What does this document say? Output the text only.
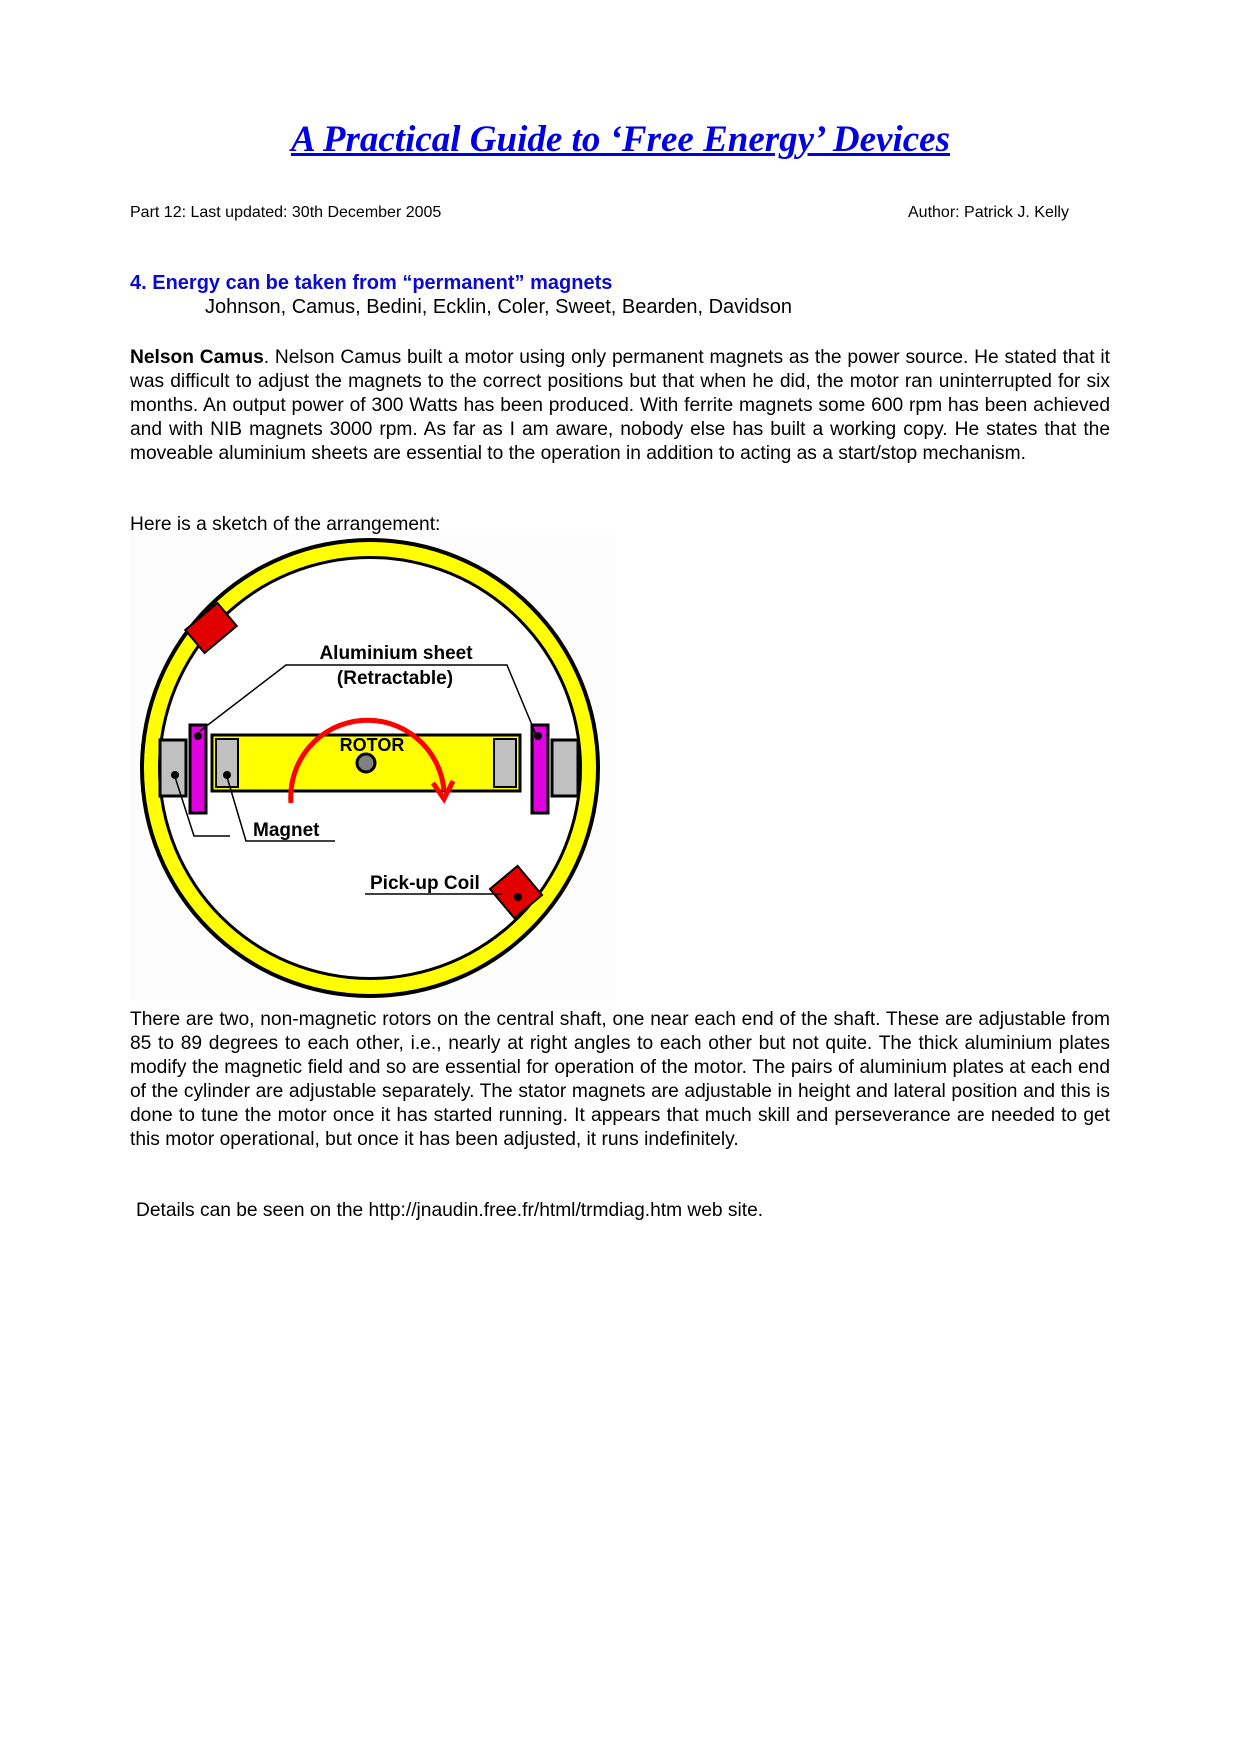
A Practical Guide to ‘Free Energy’ Devices
Part 12: Last updated: 30th December 2005	Author: Patrick J. Kelly
4. Energy can be taken from “permanent” magnets
Johnson, Camus, Bedini, Ecklin, Coler, Sweet, Bearden, Davidson

Nelson Camus. Nelson Camus built a motor using only permanent magnets as the power source. He stated that it was difficult to adjust the magnets to the correct positions but that when he did, the motor ran uninterrupted for six months. An output power of 300 Watts has been produced. With ferrite magnets some 600 rpm has been achieved and with NIB magnets 3000 rpm. As far as I am aware, nobody else has built a working copy. He states that the moveable aluminium sheets are essential to the operation in addition to acting as a start/stop mechanism.

Here is a sketch of the arrangement:

Aluminium sheet
(Retractable)
ROTOR
Magnet
Pick-up Coil

There are two, non-magnetic rotors on the central shaft, one near each end of the shaft. These are adjustable from 85 to 89 degrees to each other, i.e., nearly at right angles to each other but not quite. The thick aluminium plates modify the magnetic field and so are essential for operation of the motor. The pairs of aluminium plates at each end of the cylinder are adjustable separately. The stator magnets are adjustable in height and lateral position and this is done to tune the motor once it has started running. It appears that much skill and perseverance are needed to get this motor operational, but once it has been adjusted, it runs indefinitely.

Details can be seen on the http://jnaudin.free.fr/html/trmdiag.htm web site.
